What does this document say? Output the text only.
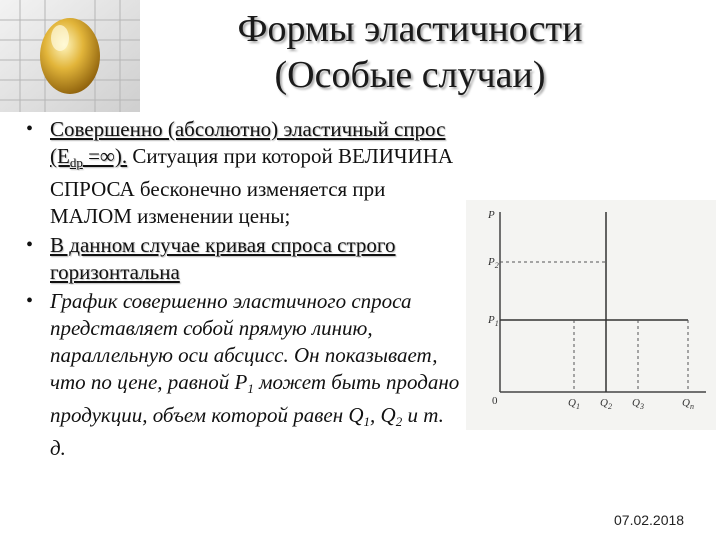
Формы эластичности
(Особые случаи)
• Совершенно (абсолютно) эластичный спрос ($E_{dp}$ =∞). Ситуация при которой ВЕЛИЧИНА СПРОСА бесконечно изменяется при МАЛОМ изменении цены;
• В данном случае кривая спроса строго горизонтальна
• График совершенно эластичного спроса представляет собой прямую линию, параллельную оси абсцисс. Он показывает, что по цене, равной $P_1$ может быть продано продукции, объем которой равен $Q_1$, $Q_2$ и т. д.
P
$P_2$
$P_1$
0	$Q_1$ $Q_2$ $Q_3$	$Q_n$
07.02.2018
